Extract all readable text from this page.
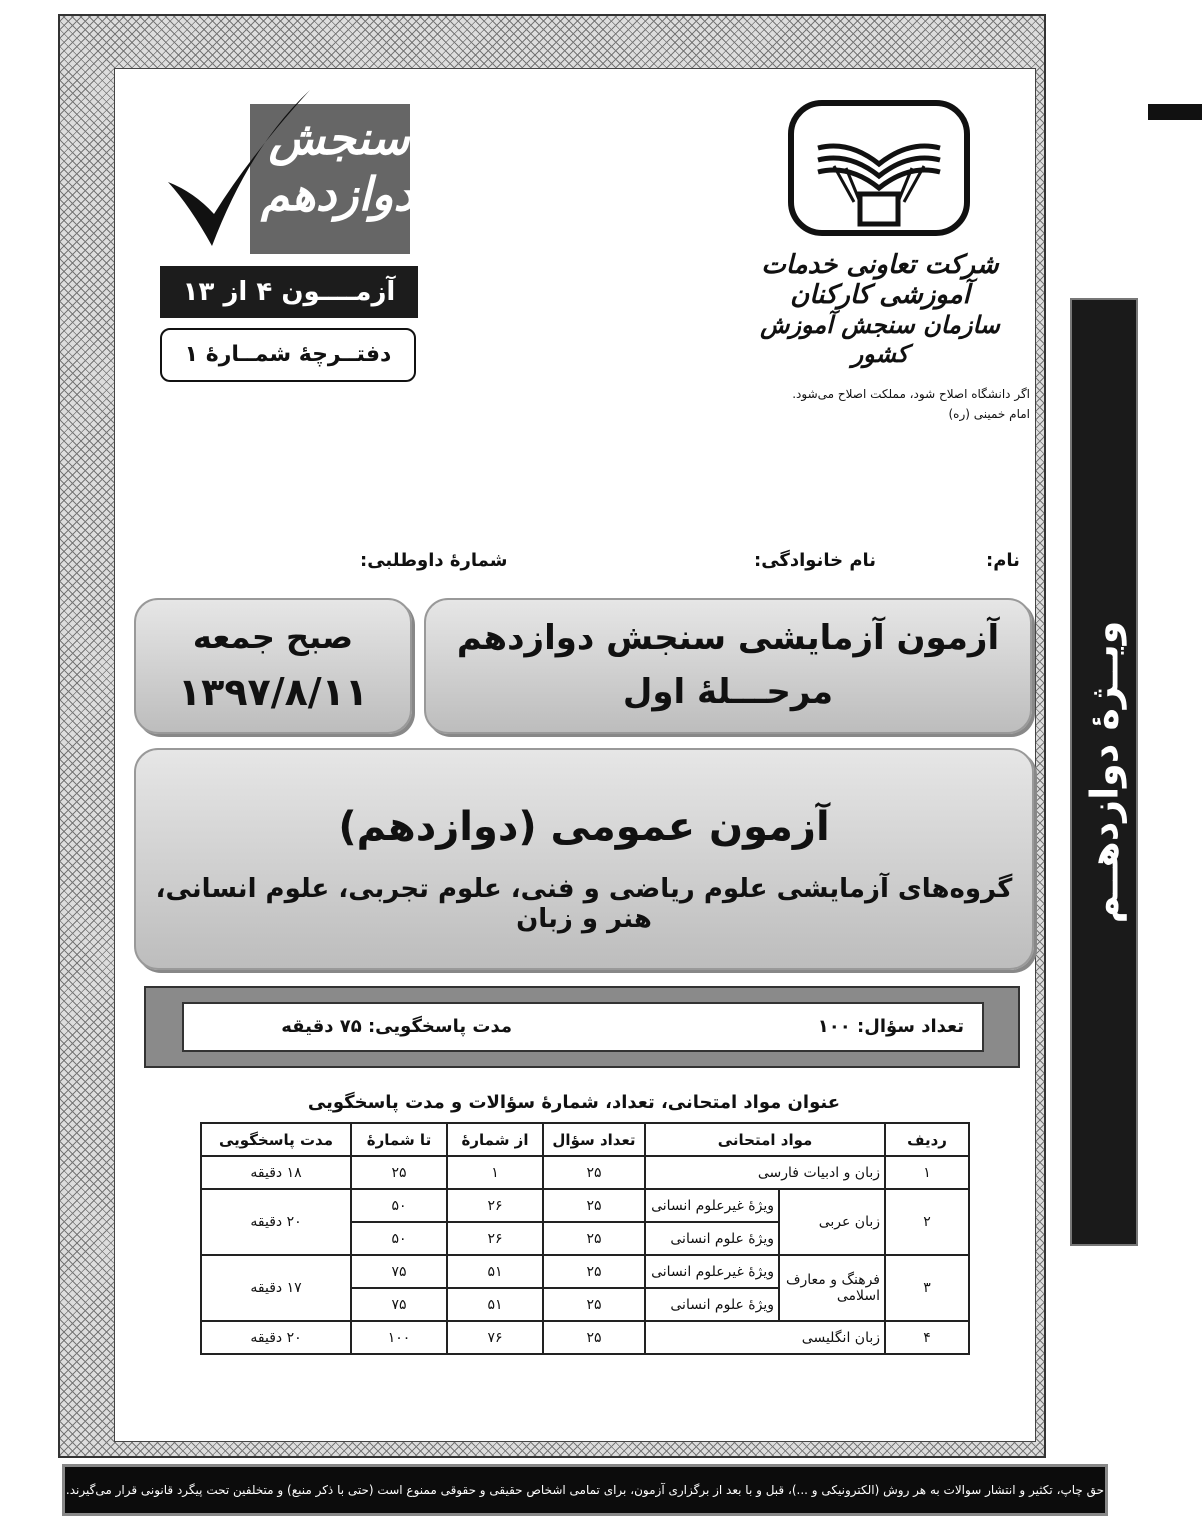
ویــژهٔ دوازدهــم
شرکت تعاونی خدمات آموزشی کارکنان
سازمان سنجش آموزش کشور
اگر دانشگاه اصلاح شود، مملکت اصلاح می‌شود.
امام خمینی (ره)
سنجش دوازدهم
آزمــــون ۴ از ۱۳
دفتــرچهٔ شمــارهٔ ۱
نام:
نام خانوادگی:
شمارهٔ داوطلبی:
صبح جمعه
۱۳۹۷/۸/۱۱
آزمون آزمایشی سنجش دوازدهم
مرحـــلهٔ اول
آزمون عمومی (دوازدهم)
گروه‌های آزمایشی علوم ریاضی و فنی، علوم تجربی، علوم انسانی، هنر و زبان
تعداد سؤال: ۱۰۰
مدت پاسخگویی: ۷۵ دقیقه
عنوان مواد امتحانی، تعداد، شمارهٔ سؤالات و مدت پاسخگویی
ردیف	مواد امتحانی		تعداد سؤال	از شمارهٔ	تا شمارهٔ	مدت پاسخگویی
۱	زبان و ادبیات فارسی		۲۵	۱	۲۵	۱۸ دقیقه
۲	زبان عربی	ویژهٔ غیرعلوم انسانی	۲۵	۲۶	۵۰	۲۰ دقیقه
		ویژهٔ علوم انسانی	۲۵	۲۶	۵۰	
۳	فرهنگ و معارف اسلامی	ویژهٔ غیرعلوم انسانی	۲۵	۵۱	۷۵	۱۷ دقیقه
		ویژهٔ علوم انسانی	۲۵	۵۱	۷۵	
۴	زبان انگلیسی		۲۵	۷۶	۱۰۰	۲۰ دقیقه
حق چاپ، تکثیر و انتشار سوالات به هر روش (الکترونیکی و ...)، قبل و با بعد از برگزاری آزمون، برای تمامی اشخاص حقیقی و حقوقی ممنوع است (حتی با ذکر منبع) و متخلفین تحت پیگرد قانونی قرار می‌گیرند.
